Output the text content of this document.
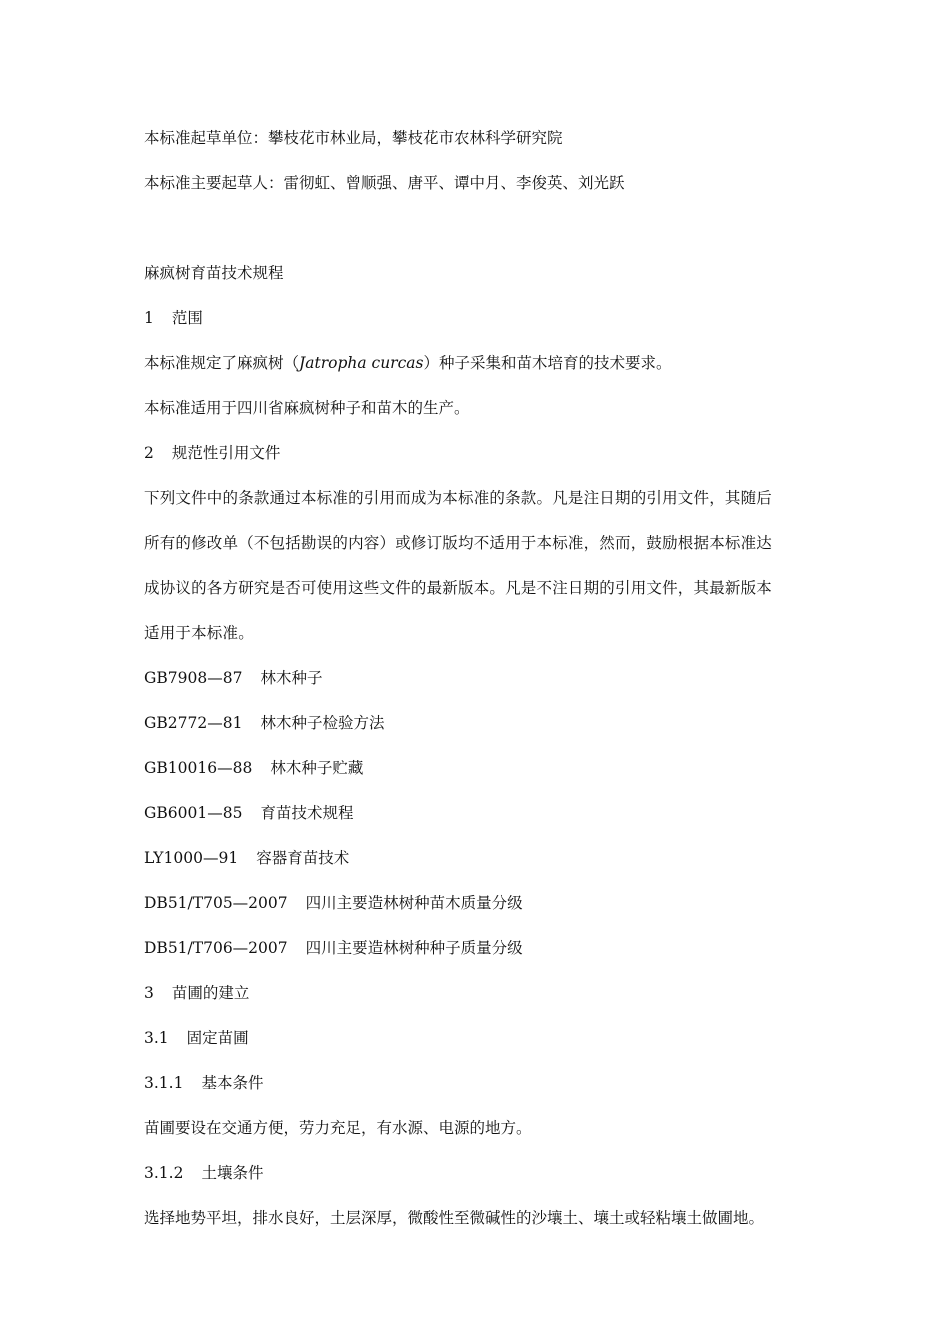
本标准起草单位：攀枝花市林业局，攀枝花市农林科学研究院

本标准主要起草人：雷彻虹、曾顺强、唐平、谭中月、李俊英、刘光跃

麻疯树育苗技术规程

1 范围

本标准规定了麻疯树（Jatropha curcas）种子采集和苗木培育的技术要求。

本标准适用于四川省麻疯树种子和苗木的生产。

2 规范性引用文件

下列文件中的条款通过本标准的引用而成为本标准的条款。凡是注日期的引用文件，其随后
所有的修改单（不包括勘误的内容）或修订版均不适用于本标准，然而，鼓励根据本标准达
成协议的各方研究是否可使用这些文件的最新版本。凡是不注日期的引用文件，其最新版本
适用于本标准。

GB7908—87 林木种子

GB2772—81 林木种子检验方法

GB10016—88 林木种子贮藏

GB6001—85 育苗技术规程

LY1000—91 容器育苗技术

DB51/T705—2007 四川主要造林树种苗木质量分级

DB51/T706—2007 四川主要造林树种种子质量分级

3 苗圃的建立

3.1 固定苗圃

3.1.1 基本条件

苗圃要设在交通方便，劳力充足，有水源、电源的地方。

3.1.2 土壤条件

选择地势平坦，排水良好，土层深厚，微酸性至微碱性的沙壤土、壤土或轻粘壤土做圃地。
